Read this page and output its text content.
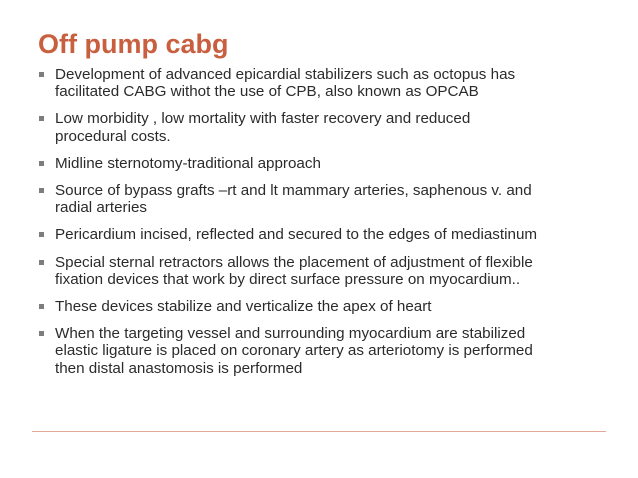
Off pump cabg
Development of advanced epicardial stabilizers such as octopus has
facilitated CABG withot the use of CPB, also known as OPCAB
Low morbidity , low mortality with faster recovery and reduced
procedural costs.
Midline sternotomy-traditional approach
Source of bypass grafts –rt and lt mammary arteries, saphenous v. and
radial arteries
Pericardium incised, reflected and secured to the edges of mediastinum
Special sternal retractors allows the placement of adjustment of flexible
fixation devices that work by direct surface pressure on myocardium..
These devices stabilize and verticalize the apex of heart
When the targeting vessel and surrounding myocardium are stabilized
elastic ligature is placed on coronary artery as arteriotomy is performed
then distal anastomosis is performed
